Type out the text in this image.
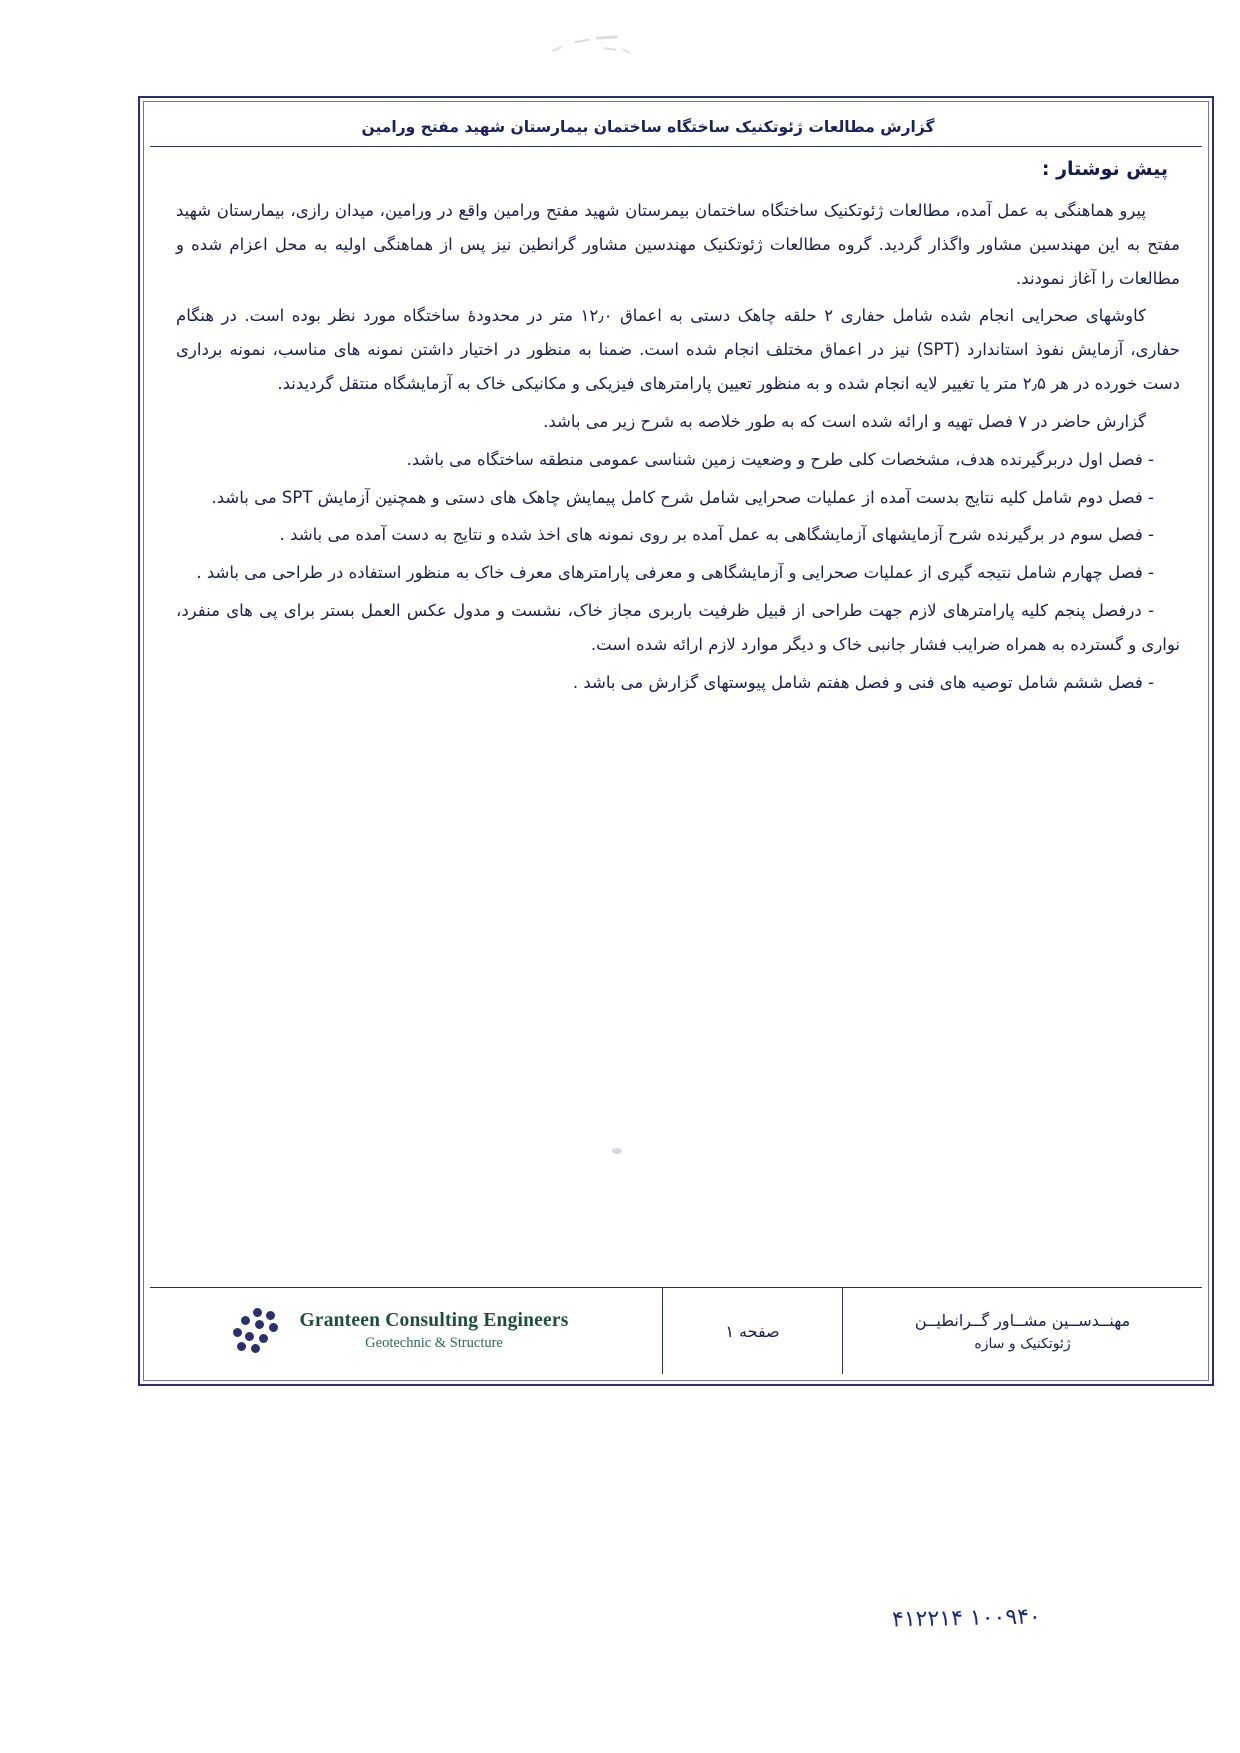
گزارش مطالعات ژئوتکنیک ساختگاه ساختمان بیمارستان شهید مفتح ورامین
پیش نوشتار :

پیرو هماهنگی به عمل آمده، مطالعات ژئوتکنیک ساختگاه ساختمان بیمرستان شهید مفتح ورامین واقع در ورامین، میدان رازی، بیمارستان شهید مفتح به این مهندسین مشاور واگذار گردید. گروه مطالعات ژئوتکنیک مهندسین مشاور گرانطین نیز پس از هماهنگی اولیه به محل اعزام شده و مطالعات را آغاز نمودند.

کاوشهای صحرایی انجام شده شامل حفاری ۲ حلقه چاهک دستی به اعماق ۱۲٫۰ متر در محدودهٔ ساختگاه مورد نظر بوده است. در هنگام حفاری، آزمایش نفوذ استاندارد (SPT) نیز در اعماق مختلف انجام شده است. ضمنا به منظور در اختیار داشتن نمونه های مناسب، نمونه برداری دست خورده در هر ۲٫۵ متر یا تغییر لایه انجام شده و به منظور تعیین پارامترهای فیزیکی و مکانیکی خاک به آزمایشگاه منتقل گردیدند.

گزارش حاضر در ۷ فصل تهیه و ارائه شده است که به طور خلاصه به شرح زیر می باشد.

- فصل اول دربرگیرنده هدف، مشخصات کلی طرح و وضعیت زمین شناسی عمومی منطقه ساختگاه می باشد.

- فصل دوم شامل کلیه نتایج بدست آمده از عملیات صحرایی شامل شرح کامل پیمایش چاهک های دستی و همچنین آزمایش SPT می باشد.

- فصل سوم در برگیرنده شرح آزمایشهای آزمایشگاهی به عمل آمده بر روی نمونه های اخذ شده و نتایج به دست آمده می باشد .

- فصل چهارم شامل نتیجه گیری از عملیات صحرایی و آزمایشگاهی و معرفی پارامترهای معرف خاک به منظور استفاده در طراحی می باشد .

- درفصل پنجم کلیه پارامترهای لازم جهت طراحی از قبیل ظرفیت باربری مجاز خاک، نشست و مدول عکس العمل بستر برای پی های منفرد، نواری و گسترده به همراه ضرایب فشار جانبی خاک و دیگر موارد لازم ارائه شده است.

- فصل ششم شامل توصیه های فنی و فصل هفتم شامل پیوستهای گزارش می باشد .

مهنــدســین مشــاور گــرانطیــن
ژئوتکنیک و سازه
صفحه ۱
Granteen Consulting Engineers
Geotechnic & Structure
۱۰۰۹۴۰ ۴۱۲۲۱۴
